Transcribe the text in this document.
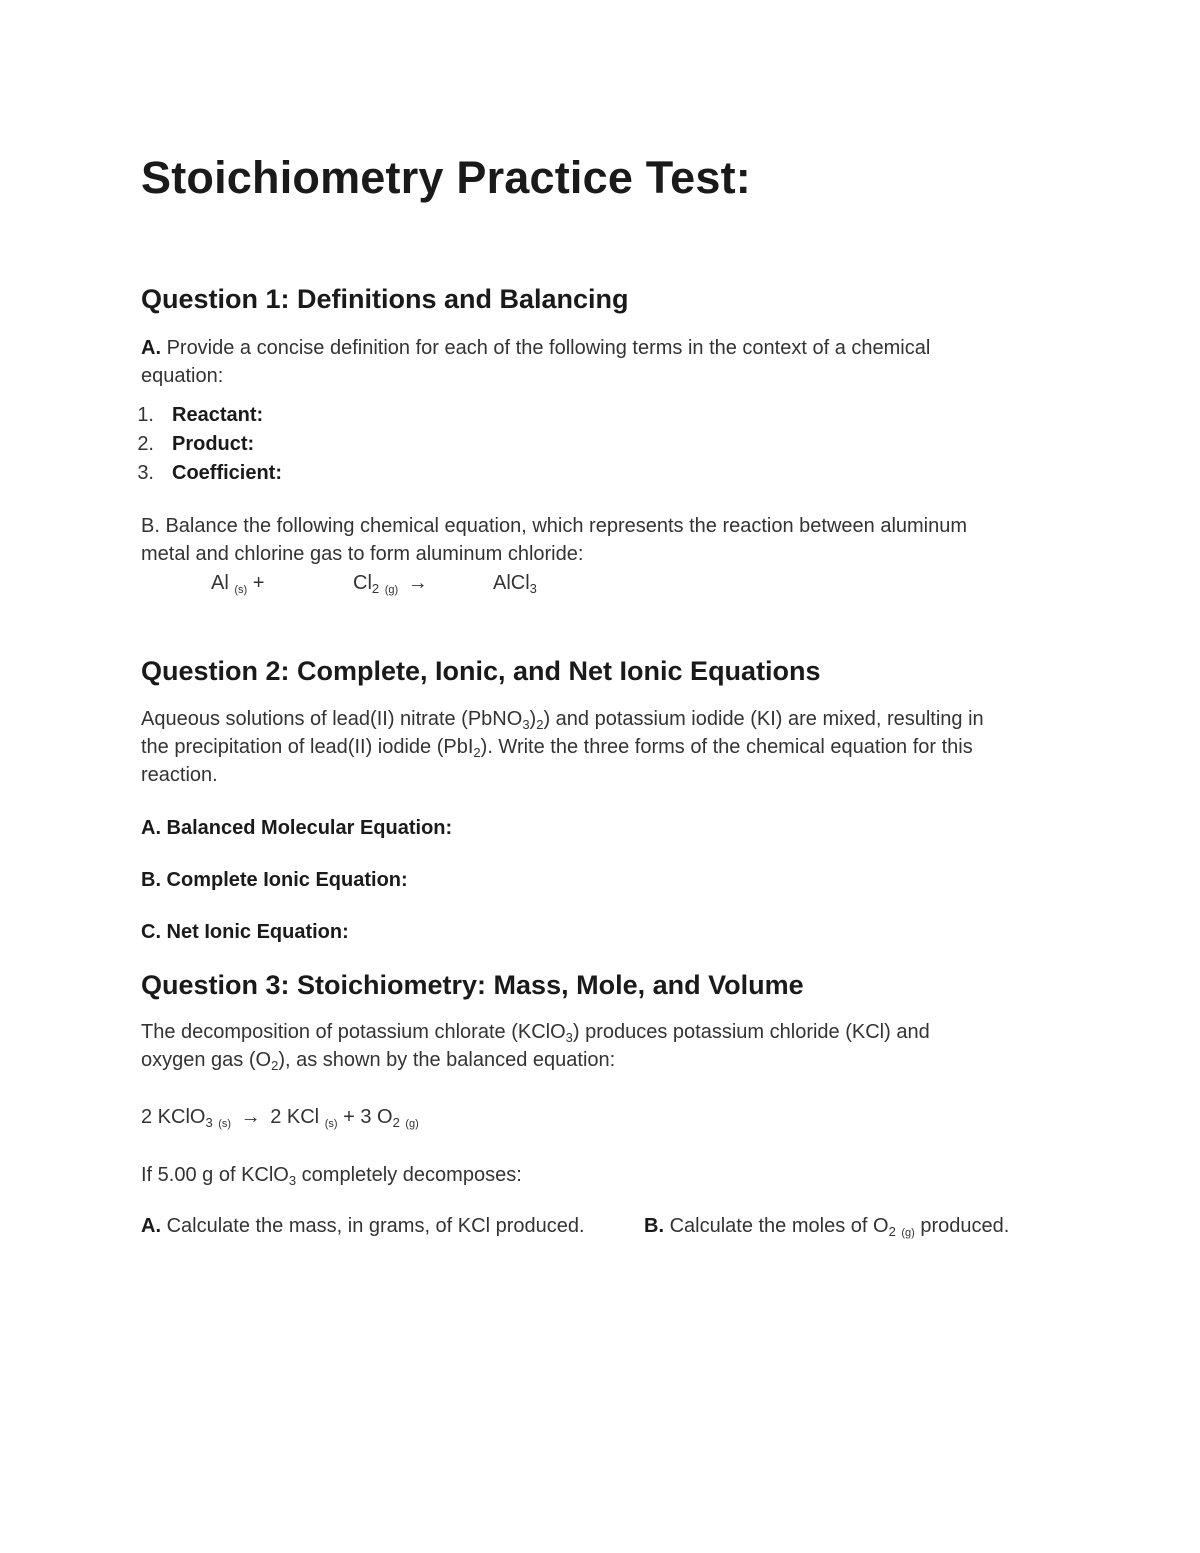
Stoichiometry Practice Test:
Question 1: Definitions and Balancing
A. Provide a concise definition for each of the following terms in the context of a chemical
equation:
1. Reactant:
2. Product:
3. Coefficient:
B. Balance the following chemical equation, which represents the reaction between aluminum
metal and chlorine gas to form aluminum chloride:
Al $_{(s)}$ +	$Cl_2$ $_{(g)}$ →	AlCl$_3$
Question 2: Complete, Ionic, and Net Ionic Equations
Aqueous solutions of lead(II) nitrate $(PbNO_3)_2$) and potassium iodide (KI) are mixed, resulting in
the precipitation of lead(II) iodide (PbI$_2$). Write the three forms of the chemical equation for this
reaction.
A. Balanced Molecular Equation:
B. Complete Ionic Equation:
C. Net Ionic Equation:
Question 3: Stoichiometry: Mass, Mole, and Volume
The decomposition of potassium chlorate (KClO$_3$) produces potassium chloride (KCl) and
oxygen gas $(O_2)$, as shown by the balanced equation:
2 KClO$_3$ $_{(s)}$ → 2 KCl $_{(s)}$ + 3 $O_2$ $_{(g)}$
If 5.00 g of KClO$_3$ completely decomposes:
A. Calculate the mass, in grams, of KCl produced.	B. Calculate the moles of $O_2$ $_{(g)}$ produced.
